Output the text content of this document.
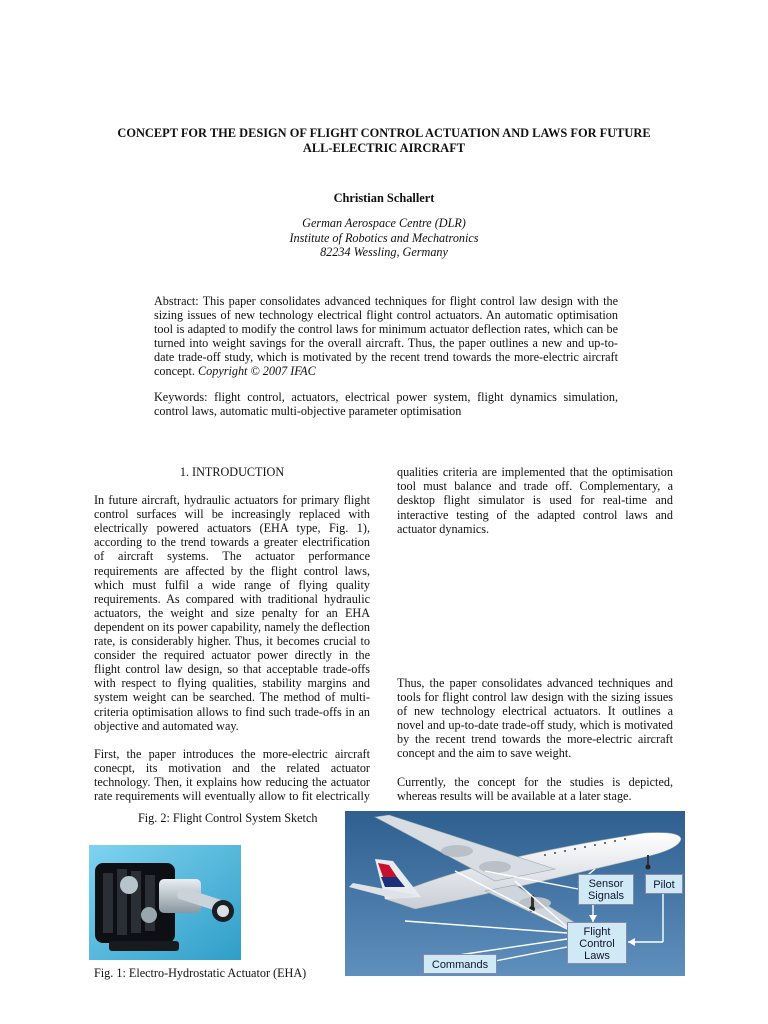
CONCEPT FOR THE DESIGN OF FLIGHT CONTROL ACTUATION AND LAWS FOR FUTURE
ALL-ELECTRIC AIRCRAFT
Christian Schallert
German Aerospace Centre (DLR)
Institute of Robotics and Mechatronics
82234 Wessling, Germany

Abstract: This paper consolidates advanced techniques for flight control law design with the sizing issues of new technology electrical flight control actuators. An automatic optimisation tool is adapted to modify the control laws for minimum actuator deflection rates, which can be turned into weight savings for the overall aircraft. Thus, the paper outlines a new and up-to-date trade-off study, which is motivated by the recent trend towards the more-electric aircraft concept. Copyright © 2007 IFAC

Keywords: flight control, actuators, electrical power system, flight dynamics simulation, control laws, automatic multi-objective parameter optimisation

1. INTRODUCTION

In future aircraft, hydraulic actuators for primary flight control surfaces will be increasingly replaced with electrically powered actuators (EHA type, Fig. 1), according to the trend towards a greater electrification of aircraft systems. The actuator performance requirements are affected by the flight control laws, which must fulfil a wide range of flying quality requirements. As compared with traditional hydraulic actuators, the weight and size penalty for an EHA dependent on its power capability, namely the deflection rate, is considerably higher. Thus, it becomes crucial to consider the required actuator power directly in the flight control law design, so that acceptable trade-offs with respect to flying qualities, stability margins and system weight can be searched. The method of multi-criteria optimisation allows to find such trade-offs in an objective and automated way.

First, the paper introduces the more-electric aircraft conecpt, its motivation and the related actuator technology. Then, it explains how reducing the actuator rate requirements will eventually allow to fit electrically

qualities criteria are implemented that the optimisation tool must balance and trade off. Complementary, a desktop flight simulator is used for real-time and interactive testing of the adapted control laws and actuator dynamics.

Thus, the paper consolidates advanced techniques and tools for flight control law design with the sizing issues of new technology electrical actuators. It outlines a novel and up-to-date trade-off study, which is motivated by the recent trend towards the more-electric aircraft concept and the aim to save weight.

Currently, the concept for the studies is depicted, whereas results will be available at a later stage.

Fig. 2: Flight Control System Sketch
Sensor
Signals
Pilot
Flight
Control
Laws
Commands
Fig. 1: Electro-Hydrostatic Actuator (EHA)
